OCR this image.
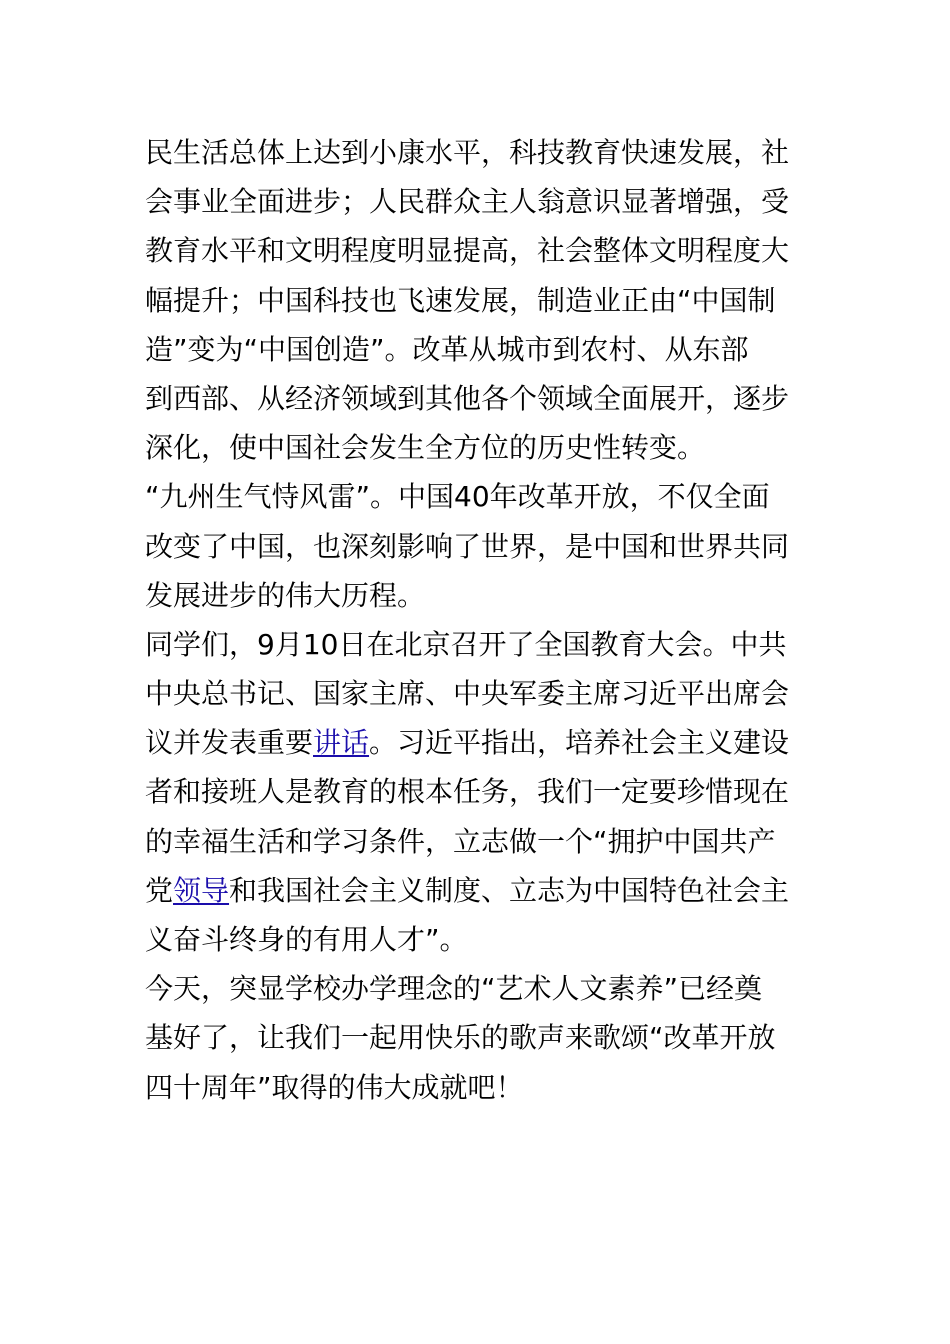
民生活总体上达到小康水平，科技教育快速发展，社
会事业全面进步；人民群众主人翁意识显著增强，受
教育水平和文明程度明显提高，社会整体文明程度大
幅提升；中国科技也飞速发展，制造业正由“中国制
造”变为“中国创造”。改革从城市到农村、从东部
到西部、从经济领域到其他各个领域全面展开，逐步
深化，使中国社会发生全方位的历史性转变。

“九州生气恃风雷”。中国40年改革开放，不仅全面
改变了中国，也深刻影响了世界，是中国和世界共同
发展进步的伟大历程。

同学们，9月10日在北京召开了全国教育大会。中共
中央总书记、国家主席、中央军委主席习近平出席会
议并发表重要讲话。习近平指出，培养社会主义建设
者和接班人是教育的根本任务，我们一定要珍惜现在
的幸福生活和学习条件，立志做一个“拥护中国共产
党领导和我国社会主义制度、立志为中国特色社会主
义奋斗终身的有用人才”。

今天，突显学校办学理念的“艺术人文素养”已经奠
基好了，让我们一起用快乐的歌声来歌颂“改革开放
四十周年”取得的伟大成就吧！
